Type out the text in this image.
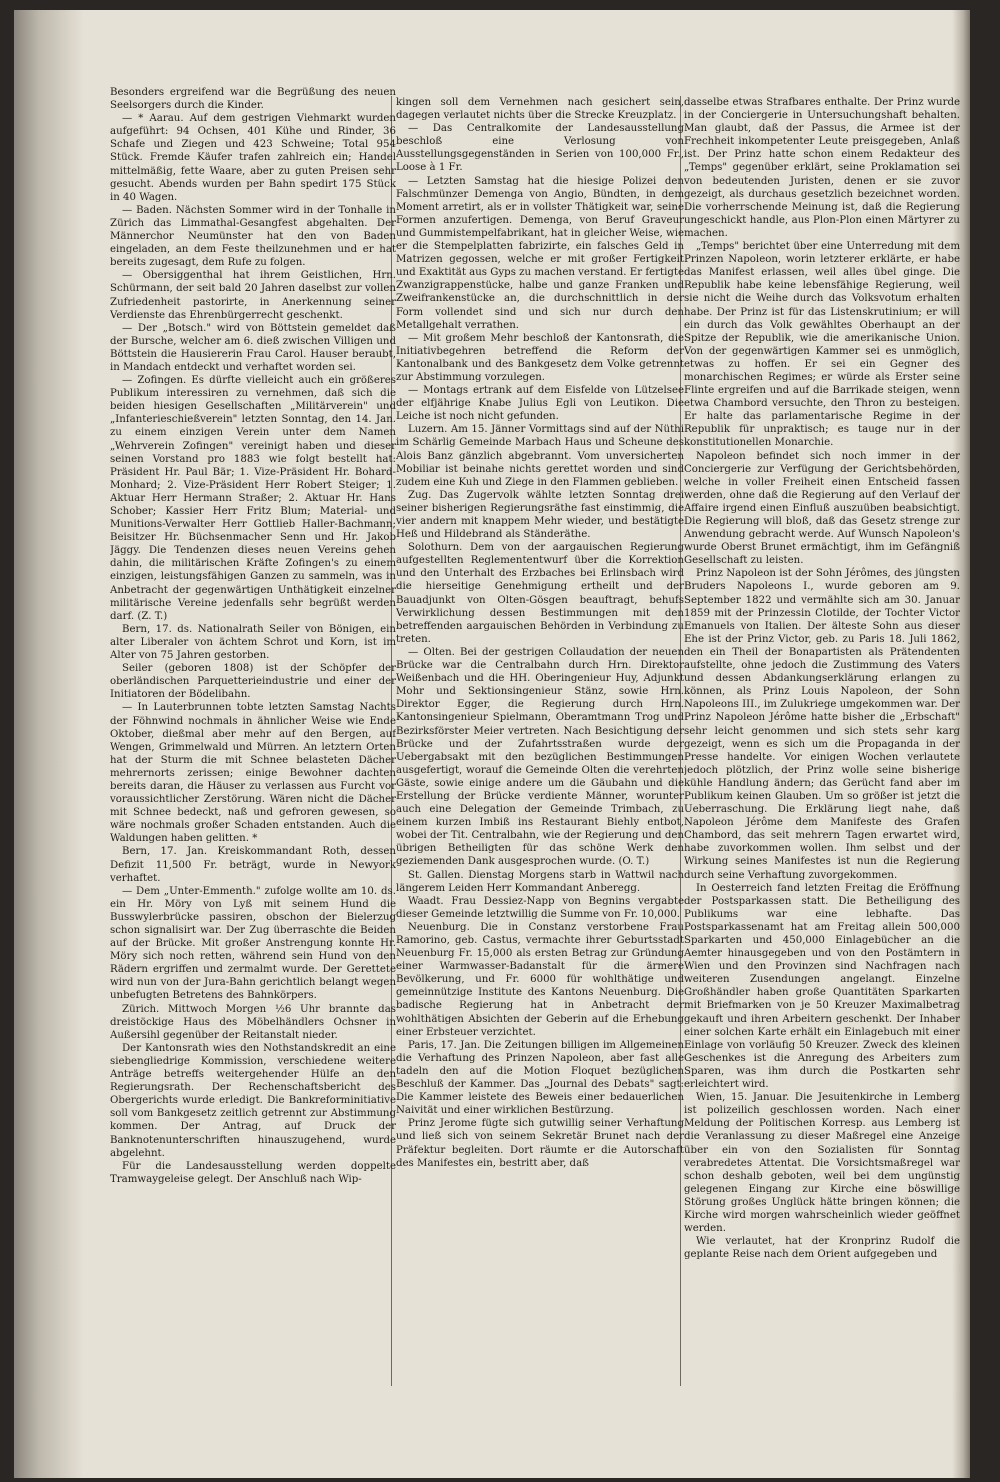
Besonders ergreifend war die Begrüßung des neuen Seelsorgers durch die Kinder.

— * Aarau. Auf dem gestrigen Viehmarkt wurden aufgeführt: 94 Ochsen, 401 Kühe und Rinder, 36 Schafe und Ziegen und 423 Schweine; Total 954 Stück. Fremde Käufer trafen zahlreich ein; Handel mittelmäßig, fette Waare, aber zu guten Preisen sehr gesucht. Abends wurden per Bahn spedirt 175 Stück in 40 Wagen.

— Baden. Nächsten Sommer wird in der Tonhalle in Zürich das Limmathal-Gesangfest abgehalten. Der Männerchor Neumünster hat den von Baden eingeladen, an dem Feste theilzunehmen und er hat bereits zugesagt, dem Rufe zu folgen.

— Obersiggenthal hat ihrem Geistlichen, Hrn. Schürmann, der seit bald 20 Jahren daselbst zur vollen Zufriedenheit pastorirte, in Anerkennung seiner Verdienste das Ehrenbürgerrecht geschenkt.

— Der „Botsch." wird von Böttstein gemeldet daß der Bursche, welcher am 6. dieß zwischen Villigen und Böttstein die Hausiererin Frau Carol. Hauser beraubt, in Mandach entdeckt und verhaftet worden sei.

— Zofingen. Es dürfte vielleicht auch ein größeres Publikum interessiren zu vernehmen, daß sich die beiden hiesigen Gesellschaften „Militärverein" und „Infanterieschießverein" letzten Sonntag, den 14. Jan. zu einem einzigen Verein unter dem Namen „Wehrverein Zofingen" vereinigt haben und dieser seinen Vorstand pro 1883 wie folgt bestellt hat: Präsident Hr. Paul Bär; 1. Vize-Präsident Hr. Bohard-Monhard; 2. Vize-Präsident Herr Robert Steiger; 1. Aktuar Herr Hermann Straßer; 2. Aktuar Hr. Hans Schober; Kassier Herr Fritz Blum; Material- und Munitions-Verwalter Herr Gottlieb Haller-Bachmann; Beisitzer Hr. Büchsenmacher Senn und Hr. Jakob Jäggy. Die Tendenzen dieses neuen Vereins gehen dahin, die militärischen Kräfte Zofingen's zu einem einzigen, leistungsfähigen Ganzen zu sammeln, was in Anbetracht der gegenwärtigen Unthätigkeit einzelner militärische Vereine jedenfalls sehr begrüßt werden darf. (Z. T.)

Bern, 17. ds. Nationalrath Seiler von Bönigen, ein alter Liberaler von ächtem Schrot und Korn, ist im Alter von 75 Jahren gestorben.

Seiler (geboren 1808) ist der Schöpfer der oberländischen Parquetterieindustrie und einer der Initiatoren der Bödelibahn.

— In Lauterbrunnen tobte letzten Samstag Nachts der Föhnwind nochmals in ähnlicher Weise wie Ende Oktober, dießmal aber mehr auf den Bergen, auf Wengen, Grimmelwald und Mürren. An letztern Orten hat der Sturm die mit Schnee belasteten Dächer mehrernorts zerissen; einige Bewohner dachten bereits daran, die Häuser zu verlassen aus Furcht vor voraussichtlicher Zerstörung. Wären nicht die Dächer mit Schnee bedeckt, naß und gefroren gewesen, so wäre nochmals großer Schaden entstanden. Auch die Waldungen haben gelitten. *

Bern, 17. Jan. Kreiskommandant Roth, dessen Defizit 11,500 Fr. beträgt, wurde in Newyork verhaftet.

— Dem „Unter-Emmenth." zufolge wollte am 10. ds. ein Hr. Möry von Lyß mit seinem Hund die Busswylerbrücke passiren, obschon der Bielerzug schon signalisirt war. Der Zug überraschte die Beiden auf der Brücke. Mit großer Anstrengung konnte Hr. Möry sich noch retten, während sein Hund von den Rädern ergriffen und zermalmt wurde. Der Gerettete wird nun von der Jura-Bahn gerichtlich belangt wegen unbefugten Betretens des Bahnkörpers.

Zürich. Mittwoch Morgen ½6 Uhr brannte das dreistöckige Haus des Möbelhändlers Ochsner in Außersihl gegenüber der Reitanstalt nieder.

Der Kantonsrath wies den Nothstandskredit an eine siebengliedrige Kommission, verschiedene weitere Anträge betreffs weitergehender Hülfe an den Regierungsrath. Der Rechenschaftsbericht des Obergerichts wurde erledigt. Die Bankreforminitiative soll vom Bankgesetz zeitlich getrennt zur Abstimmung kommen. Der Antrag, auf Druck der Banknotenunterschriften hinauszugehend, wurde abgelehnt.

Für die Landesausstellung werden doppelte Tramwaygeleise gelegt. Der Anschluß nach Wip-

kingen soll dem Vernehmen nach gesichert sein, dagegen verlautet nichts über die Strecke Kreuzplatz.

— Das Centralkomite der Landesausstellung beschloß eine Verlosung von Ausstellungsgegenständen in Serien von 100,000 Fr., Loose à 1 Fr.

— Letzten Samstag hat die hiesige Polizei den Falschmünzer Demenga von Angio, Bündten, in dem Moment arretirt, als er in vollster Thätigkeit war, seine Formen anzufertigen. Demenga, von Beruf Graveur und Gummistempelfabrikant, hat in gleicher Weise, wie er die Stempelplatten fabrizirte, ein falsches Geld in Matrizen gegossen, welche er mit großer Fertigkeit und Exaktität aus Gyps zu machen verstand. Er fertigte Zwanzigrappenstücke, halbe und ganze Franken und Zweifrankenstücke an, die durchschnittlich in der Form vollendet sind und sich nur durch den Metallgehalt verrathen.

— Mit großem Mehr beschloß der Kantonsrath, die Initiativbegehren betreffend die Reform der Kantonalbank und des Bankgesetz dem Volke getrennt zur Abstimmung vorzulegen.

— Montags ertrank auf dem Eisfelde von Lützelsee der elfjährige Knabe Julius Egli von Leutikon. Die Leiche ist noch nicht gefunden.

Luzern. Am 15. Jänner Vormittags sind auf der Nüthi im Schärlig Gemeinde Marbach Haus und Scheune des Alois Banz gänzlich abgebrannt. Vom unversicherten Mobiliar ist beinahe nichts gerettet worden und sind zudem eine Kuh und Ziege in den Flammen geblieben.

Zug. Das Zugervolk wählte letzten Sonntag drei seiner bisherigen Regierungsräthe fast einstimmig, die vier andern mit knappem Mehr wieder, und bestätigte Heß und Hildebrand als Ständeräthe.

Solothurn. Dem von der aargauischen Regierung aufgestellten Reglemententwurf über die Korrektion und den Unterhalt des Erzbaches bei Erlinsbach wird die hierseitige Genehmigung ertheilt und der Bauadjunkt von Olten-Gösgen beauftragt, behufs Verwirklichung dessen Bestimmungen mit den betreffenden aargauischen Behörden in Verbindung zu treten.

— Olten. Bei der gestrigen Collaudation der neuen Brücke war die Centralbahn durch Hrn. Direktor Weißenbach und die HH. Oberingenieur Huy, Adjunkt Mohr und Sektionsingenieur Stänz, sowie Hrn. Direktor Egger, die Regierung durch Hrn. Kantonsingenieur Spielmann, Oberamtmann Trog und Bezirksförster Meier vertreten. Nach Besichtigung der Brücke und der Zufahrtsstraßen wurde der Uebergabsakt mit den bezüglichen Bestimmungen ausgefertigt, worauf die Gemeinde Olten die verehrten Gäste, sowie einige andere um die Gäubahn und die Erstellung der Brücke verdiente Männer, worunter auch eine Delegation der Gemeinde Trimbach, zu einem kurzen Imbiß ins Restaurant Biehly entbot, wobei der Tit. Centralbahn, wie der Regierung und den übrigen Betheiligten für das schöne Werk den geziemenden Dank ausgesprochen wurde. (O. T.)

St. Gallen. Dienstag Morgens starb in Wattwil nach längerem Leiden Herr Kommandant Anberegg.

Waadt. Frau Dessiez-Napp von Begnins vergabte dieser Gemeinde letztwillig die Summe von Fr. 10,000.

Neuenburg. Die in Constanz verstorbene Frau Ramorino, geb. Castus, vermachte ihrer Geburtsstadt Neuenburg Fr. 15,000 als ersten Betrag zur Gründung einer Warmwasser-Badanstalt für die ärmere Bevölkerung, und Fr. 6000 für wohlthätige und gemeinnützige Institute des Kantons Neuenburg. Die badische Regierung hat in Anbetracht der wohlthätigen Absichten der Geberin auf die Erhebung einer Erbsteuer verzichtet.

Paris, 17. Jan. Die Zeitungen billigen im Allgemeinen die Verhaftung des Prinzen Napoleon, aber fast alle tadeln den auf die Motion Floquet bezüglichen Beschluß der Kammer. Das „Journal des Debats" sagt: Die Kammer leistete des Beweis einer bedauerlichen Naivität und einer wirklichen Bestürzung.

Prinz Jerome fügte sich gutwillig seiner Verhaftung und ließ sich von seinem Sekretär Brunet nach der Präfektur begleiten. Dort räumte er die Autorschaft des Manifestes ein, bestritt aber, daß

dasselbe etwas Strafbares enthalte. Der Prinz wurde in der Conciergerie in Untersuchungshaft behalten. Man glaubt, daß der Passus, die Armee ist der Frechheit inkompetenter Leute preisgegeben, Anlaß ist. Der Prinz hatte schon einem Redakteur des „Temps" gegenüber erklärt, seine Proklamation sei von bedeutenden Juristen, denen er sie zuvor gezeigt, als durchaus gesetzlich bezeichnet worden. Die vorherrschende Meinung ist, daß die Regierung ungeschickt handle, aus Plon-Plon einen Märtyrer zu machen.

„Temps" berichtet über eine Unterredung mit dem Prinzen Napoleon, worin letzterer erklärte, er habe das Manifest erlassen, weil alles übel ginge. Die Republik habe keine lebensfähige Regierung, weil sie nicht die Weihe durch das Volksvotum erhalten habe. Der Prinz ist für das Listenskrutinium; er will ein durch das Volk gewähltes Oberhaupt an der Spitze der Republik, wie die amerikanische Union. Von der gegenwärtigen Kammer sei es unmöglich, etwas zu hoffen. Er sei ein Gegner des monarchischen Regimes; er würde als Erster seine Flinte ergreifen und auf die Barrikade steigen, wenn etwa Chambord versuchte, den Thron zu besteigen. Er halte das parlamentarische Regime in der Republik für unpraktisch; es tauge nur in der konstitutionellen Monarchie.

Napoleon befindet sich noch immer in der Conciergerie zur Verfügung der Gerichtsbehörden, welche in voller Freiheit einen Entscheid fassen werden, ohne daß die Regierung auf den Verlauf der Affaire irgend einen Einfluß auszuüben beabsichtigt. Die Regierung will bloß, daß das Gesetz strenge zur Anwendung gebracht werde. Auf Wunsch Napoleon's wurde Oberst Brunet ermächtigt, ihm im Gefängniß Gesellschaft zu leisten.

Prinz Napoleon ist der Sohn Jérômes, des jüngsten Bruders Napoleons I., wurde geboren am 9. September 1822 und vermählte sich am 30. Januar 1859 mit der Prinzessin Clotilde, der Tochter Victor Emanuels von Italien. Der älteste Sohn aus dieser Ehe ist der Prinz Victor, geb. zu Paris 18. Juli 1862, den ein Theil der Bonapartisten als Prätendenten aufstellte, ohne jedoch die Zustimmung des Vaters und dessen Abdankungserklärung erlangen zu können, als Prinz Louis Napoleon, der Sohn Napoleons III., im Zulukriege umgekommen war. Der Prinz Napoleon Jérôme hatte bisher die „Erbschaft" sehr leicht genommen und sich stets sehr karg gezeigt, wenn es sich um die Propaganda in der Presse handelte. Vor einigen Wochen verlautete jedoch plötzlich, der Prinz wolle seine bisherige kühle Handlung ändern; das Gerücht fand aber im Publikum keinen Glauben. Um so größer ist jetzt die Ueberraschung. Die Erklärung liegt nahe, daß Napoleon Jérôme dem Manifeste des Grafen Chambord, das seit mehrern Tagen erwartet wird, habe zuvorkommen wollen. Ihm selbst und der Wirkung seines Manifestes ist nun die Regierung durch seine Verhaftung zuvorgekommen.

In Oesterreich fand letzten Freitag die Eröffnung der Postsparkassen statt. Die Betheiligung des Publikums war eine lebhafte. Das Postsparkassenamt hat am Freitag allein 500,000 Sparkarten und 450,000 Einlagebücher an die Aemter hinausgegeben und von den Postämtern in Wien und den Provinzen sind Nachfragen nach weiteren Zusendungen angelangt. Einzelne Großhändler haben große Quantitäten Sparkarten mit Briefmarken von je 50 Kreuzer Maximalbetrag gekauft und ihren Arbeitern geschenkt. Der Inhaber einer solchen Karte erhält ein Einlagebuch mit einer Einlage von vorläufig 50 Kreuzer. Zweck des kleinen Geschenkes ist die Anregung des Arbeiters zum Sparen, was ihm durch die Postkarten sehr erleichtert wird.

Wien, 15. Januar. Die Jesuitenkirche in Lemberg ist polizeilich geschlossen worden. Nach einer Meldung der Politischen Korresp. aus Lemberg ist die Veranlassung zu dieser Maßregel eine Anzeige über ein von den Sozialisten für Sonntag verabredetes Attentat. Die Vorsichtsmaßregel war schon deshalb geboten, weil bei dem ungünstig gelegenen Eingang zur Kirche eine böswillige Störung großes Unglück hätte bringen können; die Kirche wird morgen wahrscheinlich wieder geöffnet werden.

Wie verlautet, hat der Kronprinz Rudolf die geplante Reise nach dem Orient aufgegeben und
